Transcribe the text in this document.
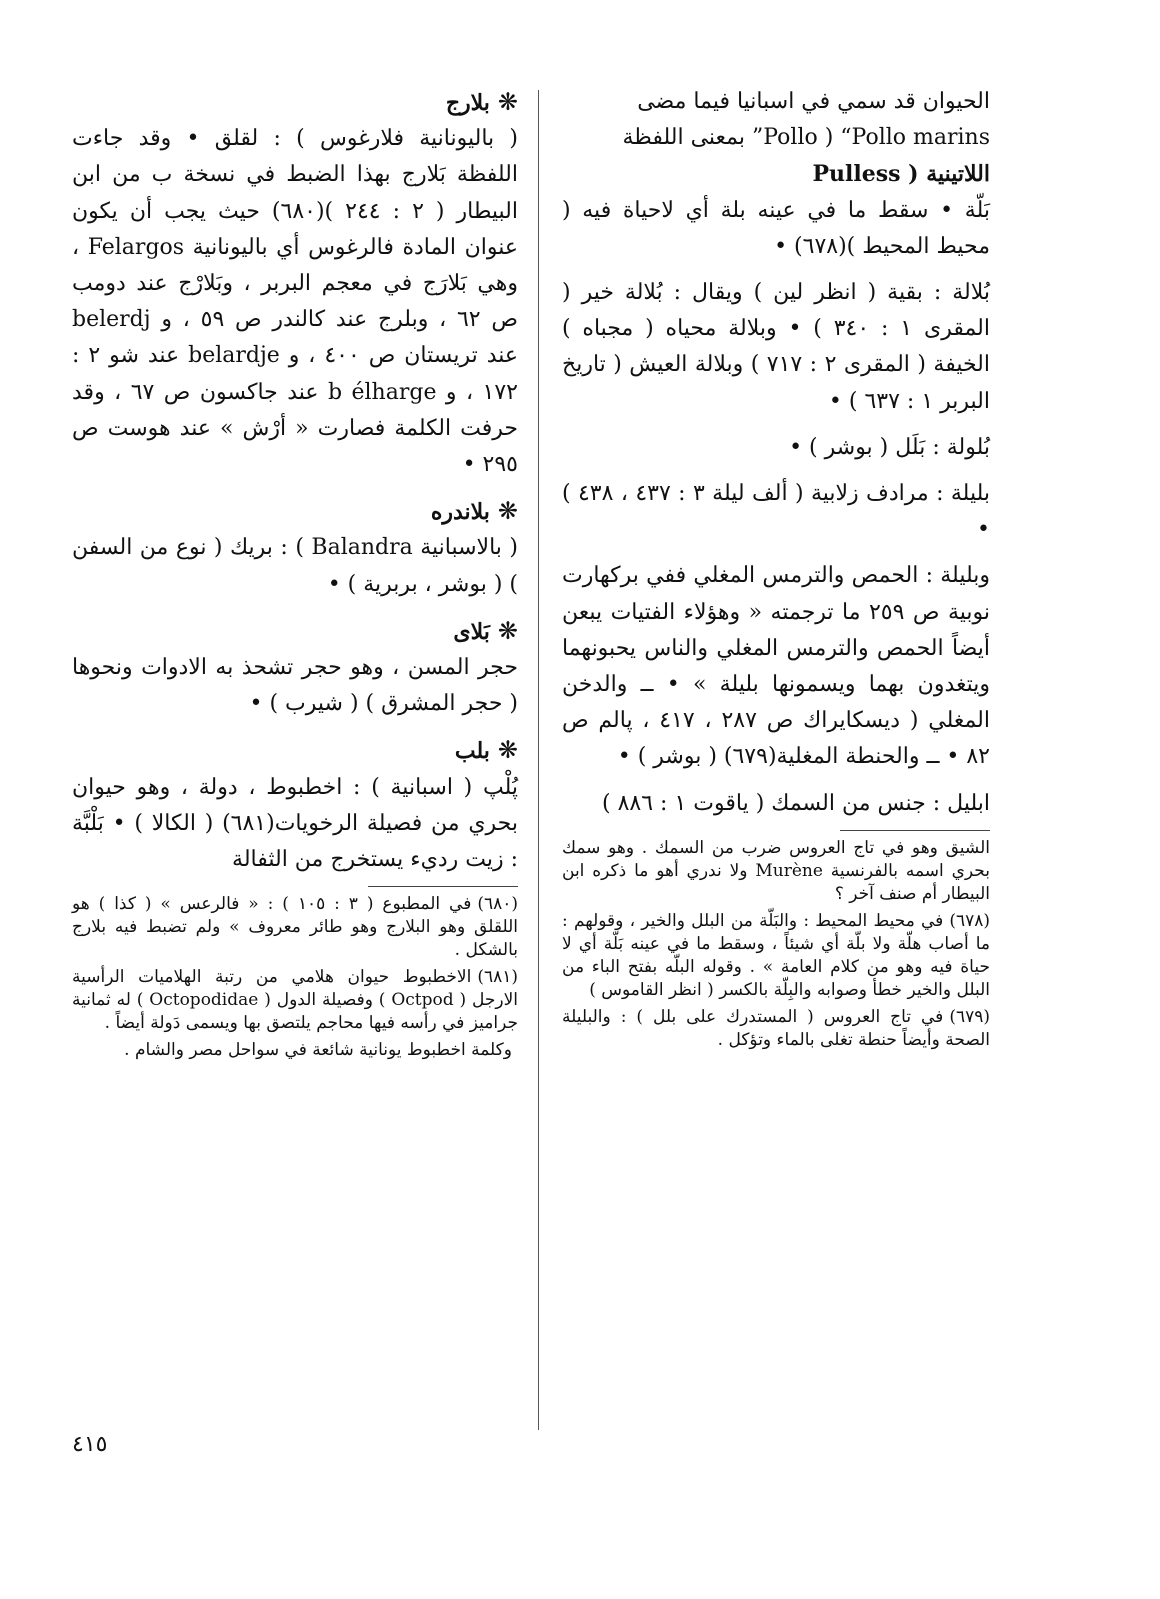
الحيوان قد سمي في اسبانيا فيما مضى

Pollo ) “Pollo marins” بمعنى اللفظة

اللاتينية ( Pulless

بَلّة • سقط ما في عينه بلة أي لاحياة فيه ( محيط المحيط )(٦٧٨) •

بُلالة : بقية ( انظر لين ) ويقال : بُلالة خير ( المقرى ١ : ٣٤٠ ) • وبلالة محياه ( مجباه ) الخيفة ( المقرى ٢ : ٧١٧ ) وبلالة العيش ( تاريخ البربر ١ : ٦٣٧ ) •

بُلولة : بَلَل ( بوشر ) •

بليلة : مرادف زلابية ( ألف ليلة ٣ : ٤٣٧ ، ٤٣٨ ) •

وبليلة : الحمص والترمس المغلي ففي بركهارت نوبية ص ٢٥٩ ما ترجمته « وهؤلاء الفتيات يبعن أيضاً الحمص والترمس المغلي والناس يحبونهما ويتغدون بهما ويسمونها بليلة » • ــ والدخن المغلي ( ديسكايراك ص ٢٨٧ ، ٤١٧ ، پالم ص ٨٢ • ــ والحنطة المغلية(٦٧٩) ( بوشر ) •

ابليل : جنس من السمك ( ياقوت ١ : ٨٨٦ )

الشيق وهو في تاج العروس ضرب من السمك . وهو سمك بحري اسمه بالفرنسية Murène ولا ندري أهو ما ذكره ابن البيطار أم صنف آخر ؟

(٦٧٨)في محيط المحيط : والبَلّة من البلل والخير ، وقولهم : ما أصاب هلّة ولا بلّة أي شيئاً ، وسقط ما في عينه بَلّة أي لا حياة فيه وهو من كلام العامة » . وقوله البلّه بفتح الباء من البلل والخير خطأ وصوابه والبِلّة بالكسر ( انظر القاموس )

(٦٧٩)في تاج العروس ( المستدرك على بلل ) : والبليلة الصحة وأيضاً حنطة تغلى بالماء وتؤكل .

❋بلارج
( باليونانية فلارغوس ) : لقلق • وقد جاءت اللفظة بَلارج بهذا الضبط في نسخة ب من ابن البيطار ( ٢ : ٢٤٤ )(٦٨٠) حيث يجب أن يكون عنوان المادة فالرغوس أي باليونانية Felargos ، وهي بَلارَج في معجم البربر ، وبَلارْج عند دومب ص ٦٢ ، وبلرج عند كالندر ص ٥٩ ، و belerdj عند تريستان ص ٤٠٠ ، و belardje عند شو ٢ : ١٧٢ ، و b élharge عند جاكسون ص ٦٧ ، وقد حرفت الكلمة فصارت « أرْش » عند هوست ص ٢٩٥ •

❋بلاندره
( بالاسبانية Balandra ) : بريك ( نوع من السفن ) ( بوشر ، بربرية ) •

❋بَلاى
حجر المسن ، وهو حجر تشحذ به الادوات ونحوها ( حجر المشرق ) ( شيرب ) •

❋بلب
پُلْپ ( اسبانية ) : اخطبوط ، دولة ، وهو حيوان بحري من فصيلة الرخويات(٦٨١) ( الكالا ) • بَلْبَّة : زيت رديء يستخرج من الثفالة

(٦٨٠)في المطبوع ( ٣ : ١٠٥ ) : « فالرعس » ( كذا ) هو اللقلق وهو البلارج وهو طائر معروف » ولم تضبط فيه بلارج بالشكل .

(٦٨١)الاخطبوط حيوان هلامي من رتبة الهلاميات الرأسية الارجل ( Octpod ) وفصيلة الدول ( Octopodidae ) له ثمانية جراميز في رأسه فيها محاجم يلتصق بها ويسمى دَولة أيضاً .

وكلمة اخطبوط يونانية شائعة في سواحل مصر والشام .

٤١٥
